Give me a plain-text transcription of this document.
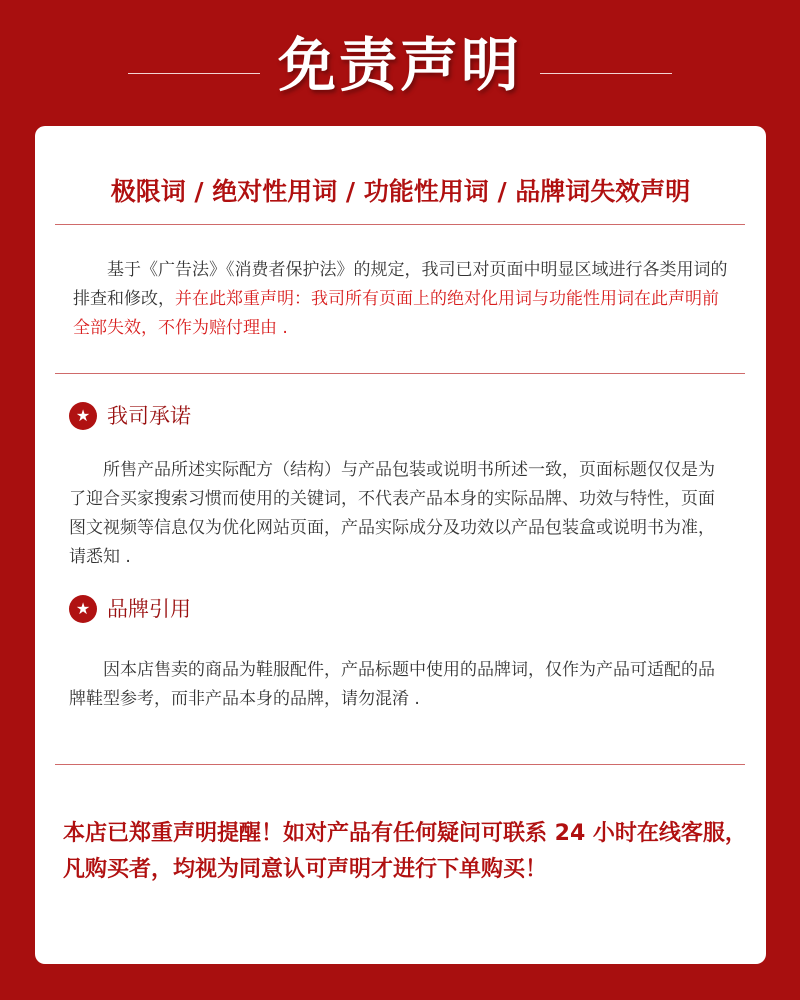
免责声明
极限词 / 绝对性用词 / 功能性用词 / 品牌词失效声明
基于《广告法》《消费者保护法》的规定，我司已对页面中明显区域进行各类用词的排查和修改，并在此郑重声明：我司所有页面上的绝对化用词与功能性用词在此声明前全部失效，不作为赔付理由 .
★ 我司承诺
所售产品所述实际配方（结构）与产品包装或说明书所述一致，页面标题仅仅是为了迎合买家搜索习惯而使用的关键词，不代表产品本身的实际品牌、功效与特性，页面图文视频等信息仅为优化网站页面，产品实际成分及功效以产品包装盒或说明书为准，请悉知 .
★ 品牌引用
因本店售卖的商品为鞋服配件，产品标题中使用的品牌词，仅作为产品可适配的品牌鞋型参考，而非产品本身的品牌，请勿混淆 .
本店已郑重声明提醒！如对产品有任何疑问可联系 24 小时在线客服，凡购买者，均视为同意认可声明才进行下单购买！
